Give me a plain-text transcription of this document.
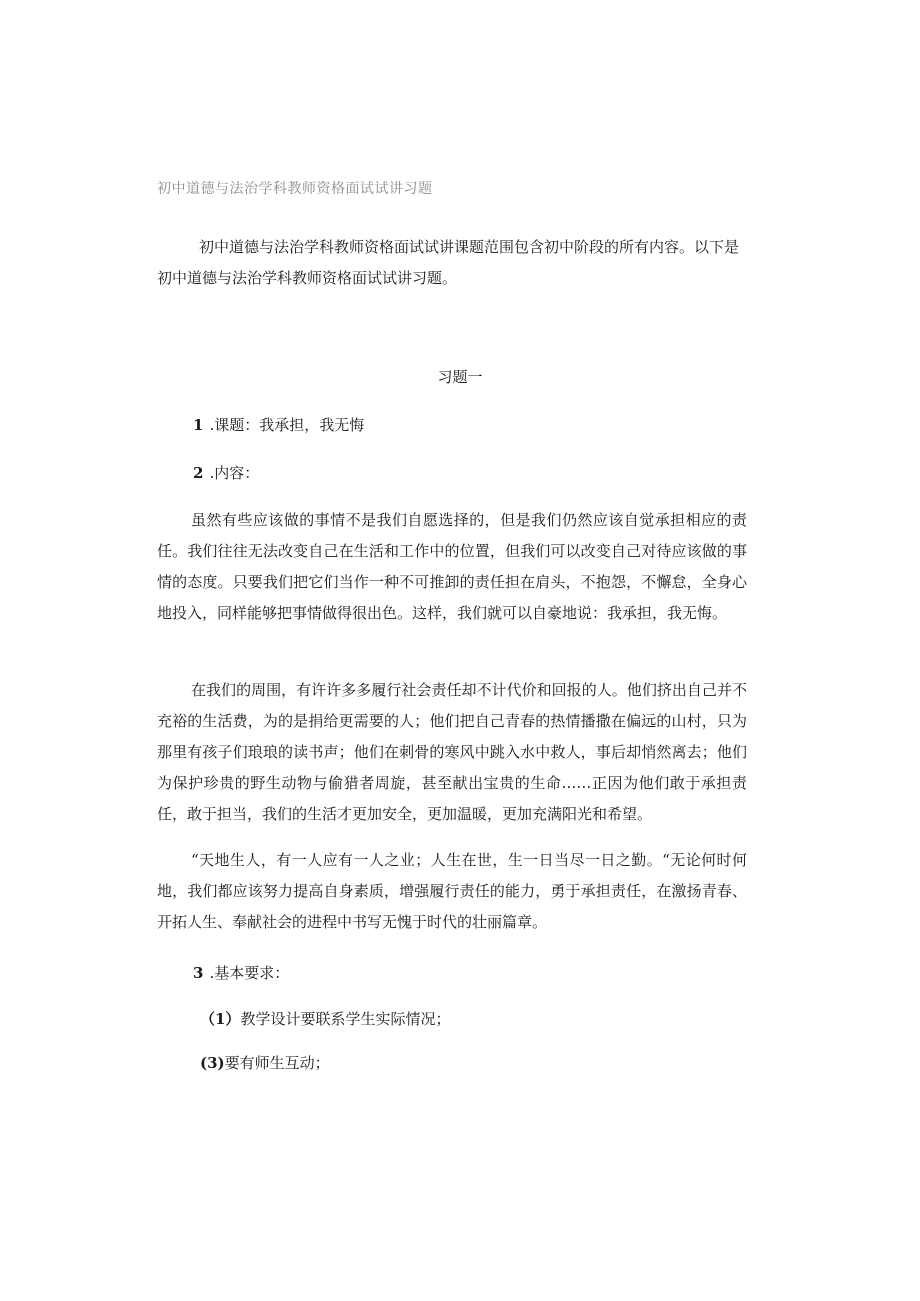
初中道德与法治学科教师资格面试试讲习题
初中道德与法治学科教师资格面试试讲课题范围包含初中阶段的所有内容。以下是初中道德与法治学科教师资格面试试讲习题。
习题一
1 .课题：我承担，我无悔
2 .内容：
虽然有些应该做的事情不是我们自愿选择的，但是我们仍然应该自觉承担相应的责任。我们往往无法改变自己在生活和工作中的位置，但我们可以改变自己对待应该做的事情的态度。只要我们把它们当作一种不可推卸的责任担在肩头，不抱怨，不懈怠，全身心地投入，同样能够把事情做得很出色。这样，我们就可以自豪地说：我承担，我无悔。
在我们的周围，有许许多多履行社会责任却不计代价和回报的人。他们挤出自己并不充裕的生活费，为的是捐给更需要的人；他们把自己青春的热情播撒在偏远的山村，只为那里有孩子们琅琅的读书声；他们在刺骨的寒风中跳入水中救人，事后却悄然离去；他们为保护珍贵的野生动物与偷猎者周旋，甚至献出宝贵的生命……正因为他们敢于承担责任，敢于担当，我们的生活才更加安全，更加温暖，更加充满阳光和希望。
“天地生人，有一人应有一人之业；人生在世，生一日当尽一日之勤。“无论何时何地，我们都应该努力提高自身素质，增强履行责任的能力，勇于承担责任，在激扬青春、开拓人生、奉献社会的进程中书写无愧于时代的壮丽篇章。
3 .基本要求：
（1）教学设计要联系学生实际情况；
(3)要有师生互动；
